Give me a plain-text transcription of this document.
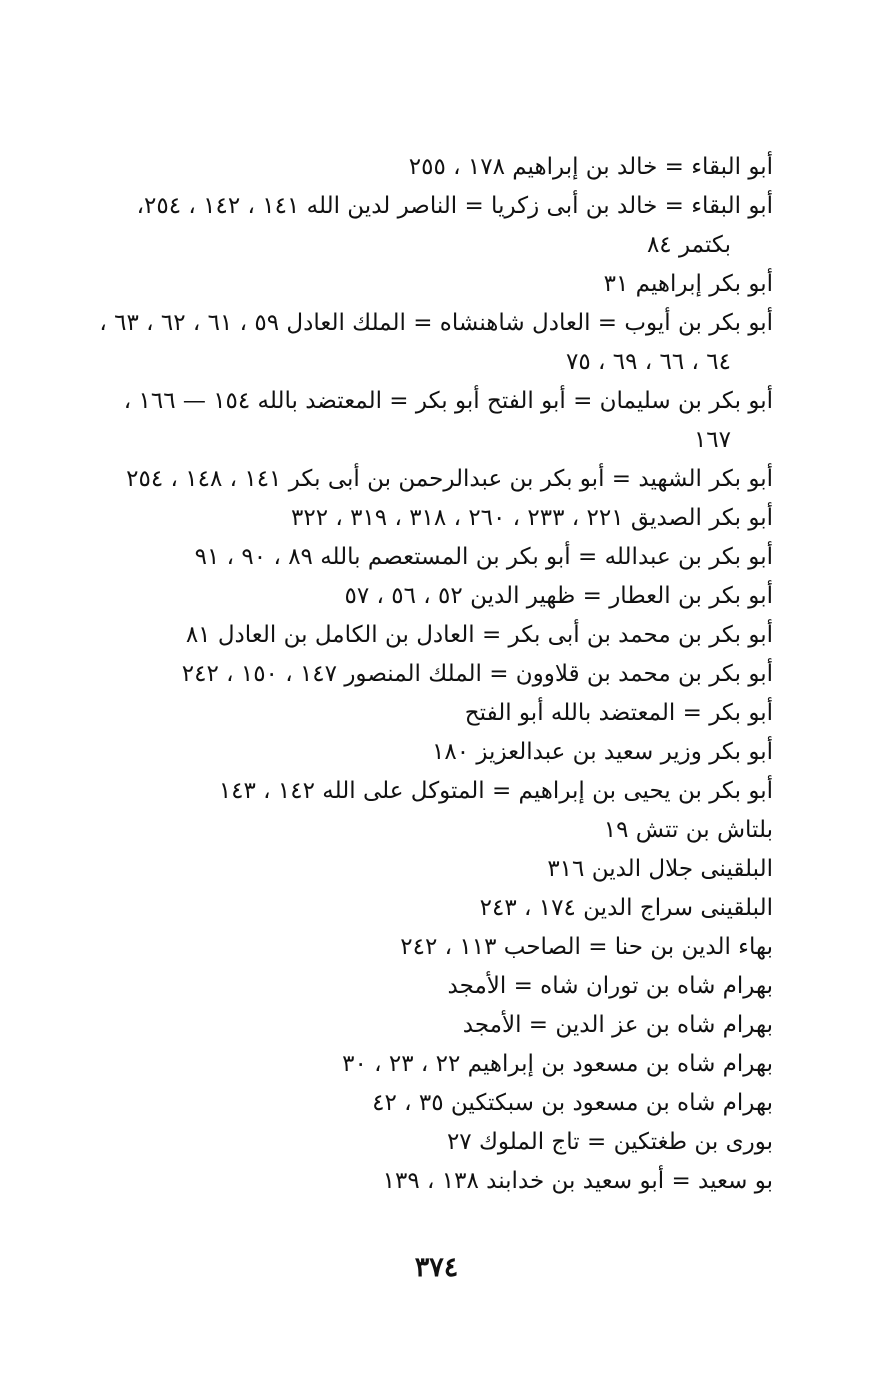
أبو البقاء = خالد بن إبراهيم ١٧٨ ، ٢٥٥
أبو البقاء = خالد بن أبى زكريا = الناصر لدين الله ١٤١ ، ١٤٢ ، ٢٥٤، بكتمر ٨٤
أبو بكر إبراهيم ٣١
أبو بكر بن أيوب = العادل شاهنشاه = الملك العادل ٥٩ ، ٦١ ، ٦٢ ، ٦٣ ، ٦٤ ، ٦٦ ، ٦٩ ، ٧٥
أبو بكر بن سليمان = أبو الفتح أبو بكر = المعتضد بالله ١٥٤ — ١٦٦ ، ١٦٧
أبو بكر الشهيد = أبو بكر بن عبدالرحمن بن أبى بكر ١٤١ ، ١٤٨ ، ٢٥٤
أبو بكر الصديق ٢٢١ ، ٢٣٣ ، ٢٦٠ ، ٣١٨ ، ٣١٩ ، ٣٢٢
أبو بكر بن عبدالله = أبو بكر بن المستعصم بالله ٨٩ ، ٩٠ ، ٩١
أبو بكر بن العطار = ظهير الدين ٥٢ ، ٥٦ ، ٥٧
أبو بكر بن محمد بن أبى بكر = العادل بن الكامل بن العادل ٨١
أبو بكر بن محمد بن قلاوون = الملك المنصور ١٤٧ ، ١٥٠ ، ٢٤٢
أبو بكر = المعتضد بالله أبو الفتح
أبو بكر وزير سعيد بن عبدالعزيز ١٨٠
أبو بكر بن يحيى بن إبراهيم = المتوكل على الله ١٤٢ ، ١٤٣
بلتاش بن تتش ١٩
البلقينى جلال الدين ٣١٦
البلقينى سراج الدين ١٧٤ ، ٢٤٣
بهاء الدين بن حنا = الصاحب ١١٣ ، ٢٤٢
بهرام شاه بن توران شاه = الأمجد
بهرام شاه بن عز الدين = الأمجد
بهرام شاه بن مسعود بن إبراهيم ٢٢ ، ٢٣ ، ٣٠
بهرام شاه بن مسعود بن سبكتكين ٣٥ ، ٤٢
بورى بن طغتكين = تاج الملوك ٢٧
بو سعيد = أبو سعيد بن خدابند ١٣٨ ، ١٣٩
٣٧٤
